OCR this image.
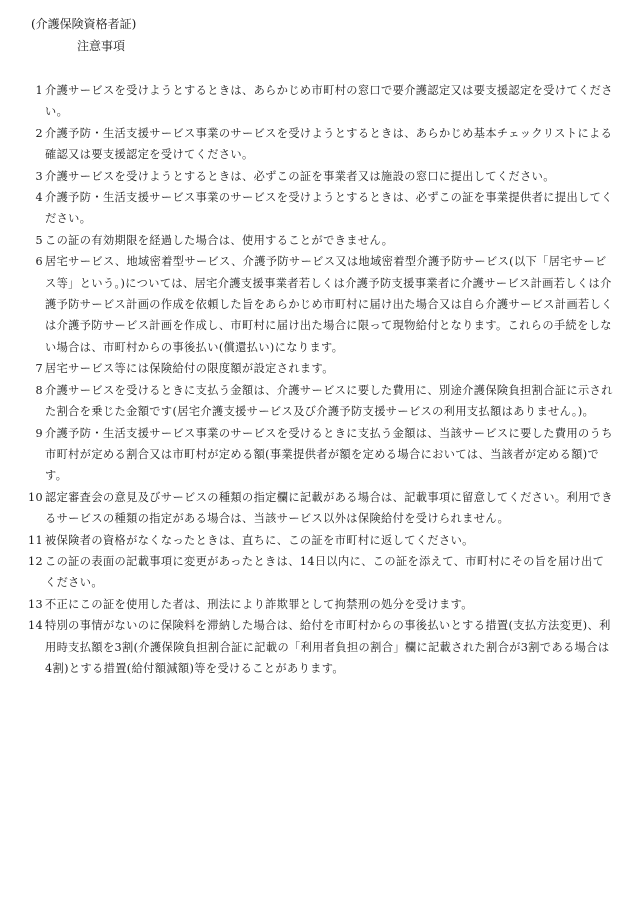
(介護保険資格者証)
注意事項
1 介護サービスを受けようとするときは、あらかじめ市町村の窓口で要介護認定又は要支援認定を受けてください。
2 介護予防・生活支援サービス事業のサービスを受けようとするときは、あらかじめ基本チェックリストによる確認又は要支援認定を受けてください。
3 介護サービスを受けようとするときは、必ずこの証を事業者又は施設の窓口に提出してください。
4 介護予防・生活支援サービス事業のサービスを受けようとするときは、必ずこの証を事業提供者に提出してください。
5 この証の有効期限を経過した場合は、使用することができません。
6 居宅サービス、地域密着型サービス、介護予防サービス又は地域密着型介護予防サービス(以下「居宅サービス等」という。)については、居宅介護支援事業者若しくは介護予防支援事業者に介護サービス計画若しくは介護予防サービス計画の作成を依頼した旨をあらかじめ市町村に届け出た場合又は自ら介護サービス計画若しくは介護予防サービス計画を作成し、市町村に届け出た場合に限って現物給付となります。これらの手続をしない場合は、市町村からの事後払い(償還払い)になります。
7 居宅サービス等には保険給付の限度額が設定されます。
8 介護サービスを受けるときに支払う金額は、介護サービスに要した費用に、別途介護保険負担割合証に示された割合を乗じた金額です(居宅介護支援サービス及び介護予防支援サービスの利用支払額はありません。)。
9 介護予防・生活支援サービス事業のサービスを受けるときに支払う金額は、当該サービスに要した費用のうち市町村が定める割合又は市町村が定める額(事業提供者が額を定める場合においては、当該者が定める額)です。
10 認定審査会の意見及びサービスの種類の指定欄に記載がある場合は、記載事項に留意してください。利用できるサービスの種類の指定がある場合は、当該サービス以外は保険給付を受けられません。
11 被保険者の資格がなくなったときは、直ちに、この証を市町村に返してください。
12 この証の表面の記載事項に変更があったときは、14日以内に、この証を添えて、市町村にその旨を届け出てください。
13 不正にこの証を使用した者は、刑法により詐欺罪として拘禁刑の処分を受けます。
14 特別の事情がないのに保険料を滞納した場合は、給付を市町村からの事後払いとする措置(支払方法変更)、利用時支払額を3割(介護保険負担割合証に記載の「利用者負担の割合」欄に記載された割合が3割である場合は4割)とする措置(給付額減額)等を受けることがあります。
